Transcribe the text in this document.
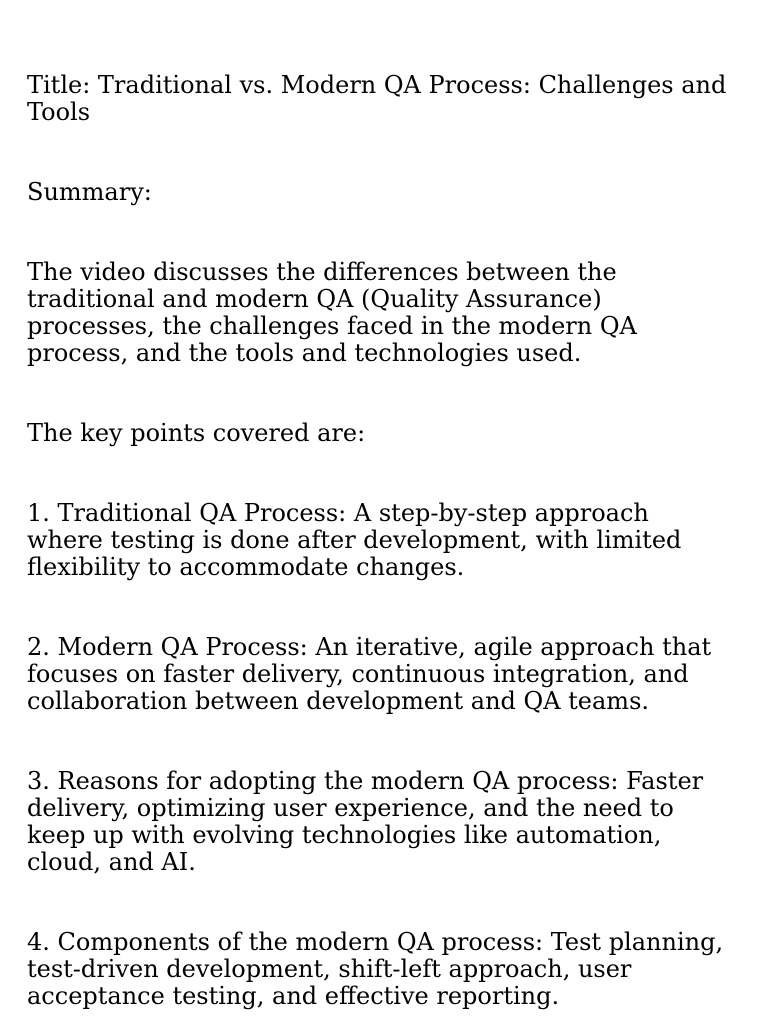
Title: Traditional vs. Modern QA Process: Challenges and Tools

Summary:

The video discusses the differences between the traditional and modern QA (Quality Assurance) processes, the challenges faced in the modern QA process, and the tools and technologies used.

The key points covered are:

1. Traditional QA Process: A step-by-step approach where testing is done after development, with limited flexibility to accommodate changes.

2. Modern QA Process: An iterative, agile approach that focuses on faster delivery, continuous integration, and collaboration between development and QA teams.

3. Reasons for adopting the modern QA process: Faster delivery, optimizing user experience, and the need to keep up with evolving technologies like automation, cloud, and AI.

4. Components of the modern QA process: Test planning, test-driven development, shift-left approach, user acceptance testing, and effective reporting.
